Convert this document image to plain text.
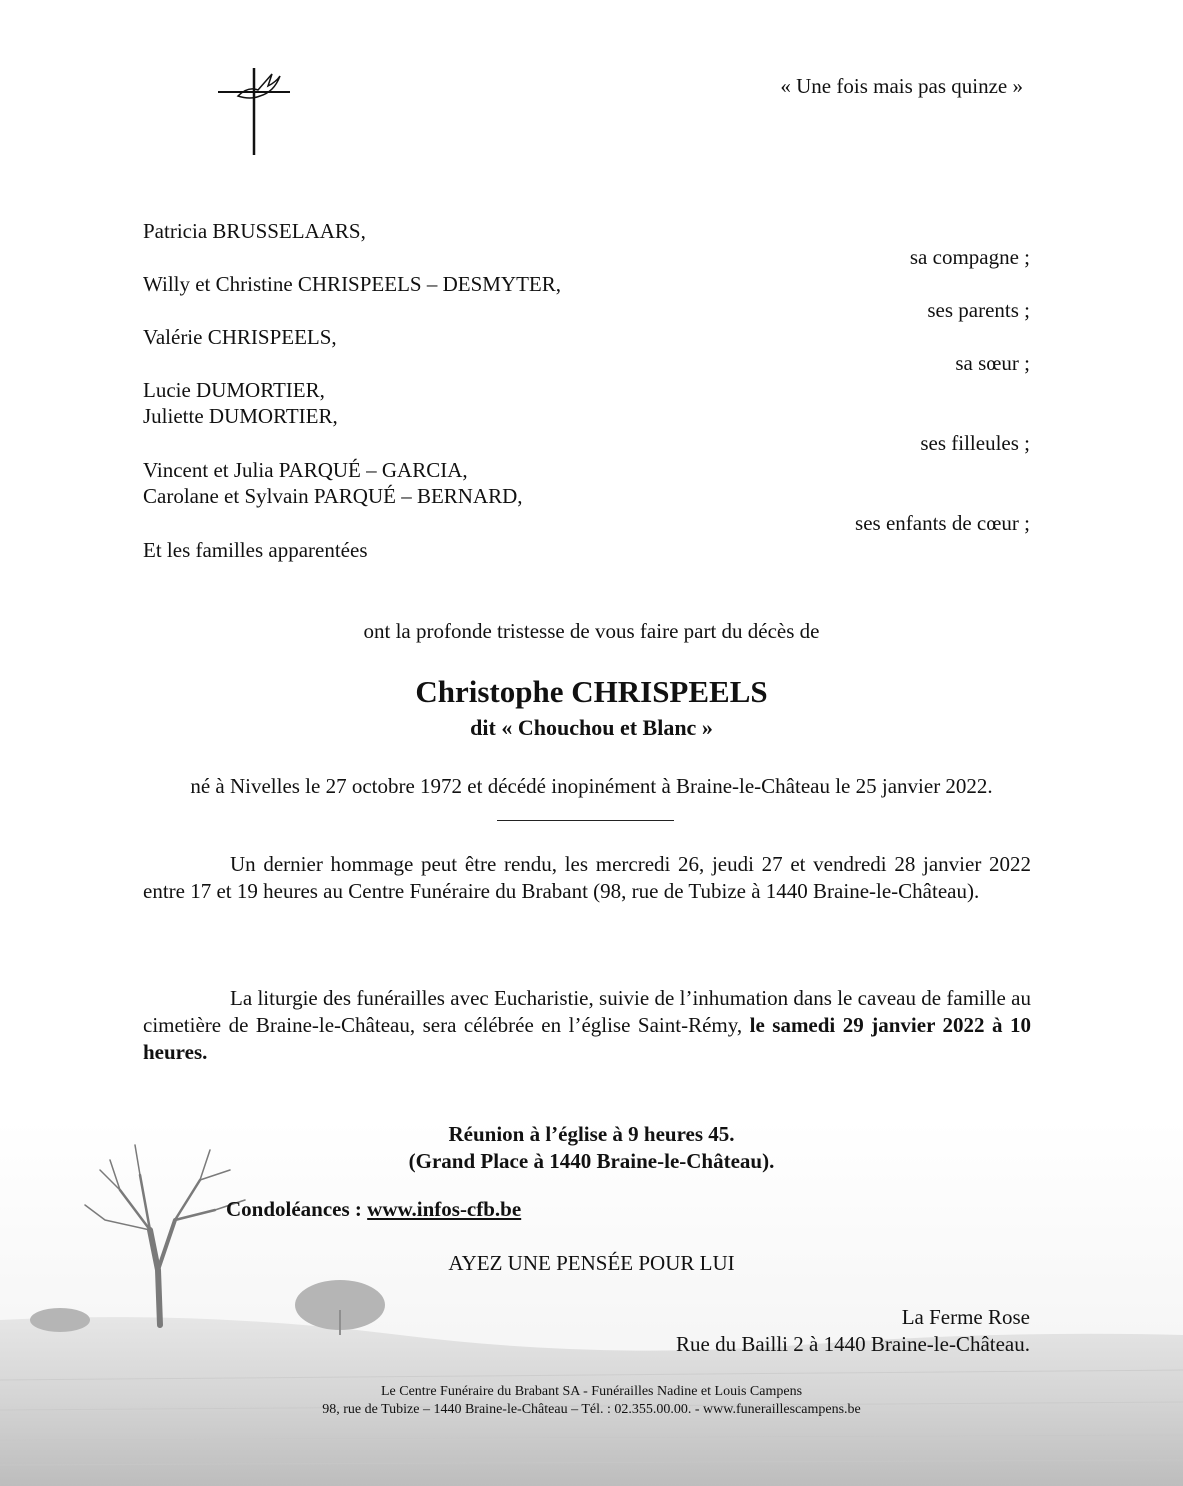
« Une fois mais pas quinze »
Patricia BRUSSELAARS,
sa compagne ;
Willy et Christine CHRISPEELS – DESMYTER,
ses parents ;
Valérie CHRISPEELS,
sa sœur ;
Lucie DUMORTIER,
Juliette DUMORTIER,
ses filleules ;
Vincent et Julia PARQUÉ – GARCIA,
Carolane et Sylvain PARQUÉ – BERNARD,
ses enfants de cœur ;
Et les familles apparentées
ont la profonde tristesse de vous faire part du décès de
Christophe CHRISPEELS
dit « Chouchou et Blanc »
né à Nivelles le 27 octobre 1972 et décédé inopinément à Braine-le-Château le 25 janvier 2022.
Un dernier hommage peut être rendu, les mercredi 26, jeudi 27 et vendredi 28 janvier 2022 entre 17 et 19 heures au Centre Funéraire du Brabant (98, rue de Tubize à 1440 Braine-le-Château).
La liturgie des funérailles avec Eucharistie, suivie de l’inhumation dans le caveau de famille au cimetière de Braine-le-Château, sera célébrée en l’église Saint-Rémy, le samedi 29 janvier 2022 à 10 heures.
Réunion à l’église à 9 heures 45.
(Grand Place à 1440 Braine-le-Château).
Condoléances : www.infos-cfb.be
AYEZ UNE PENSÉE POUR LUI
La Ferme Rose
Rue du Bailli 2 à 1440 Braine-le-Château.
Le Centre Funéraire du Brabant SA - Funérailles Nadine et Louis Campens
98, rue de Tubize – 1440 Braine-le-Château – Tél. : 02.355.00.00. - www.funeraillescampens.be
